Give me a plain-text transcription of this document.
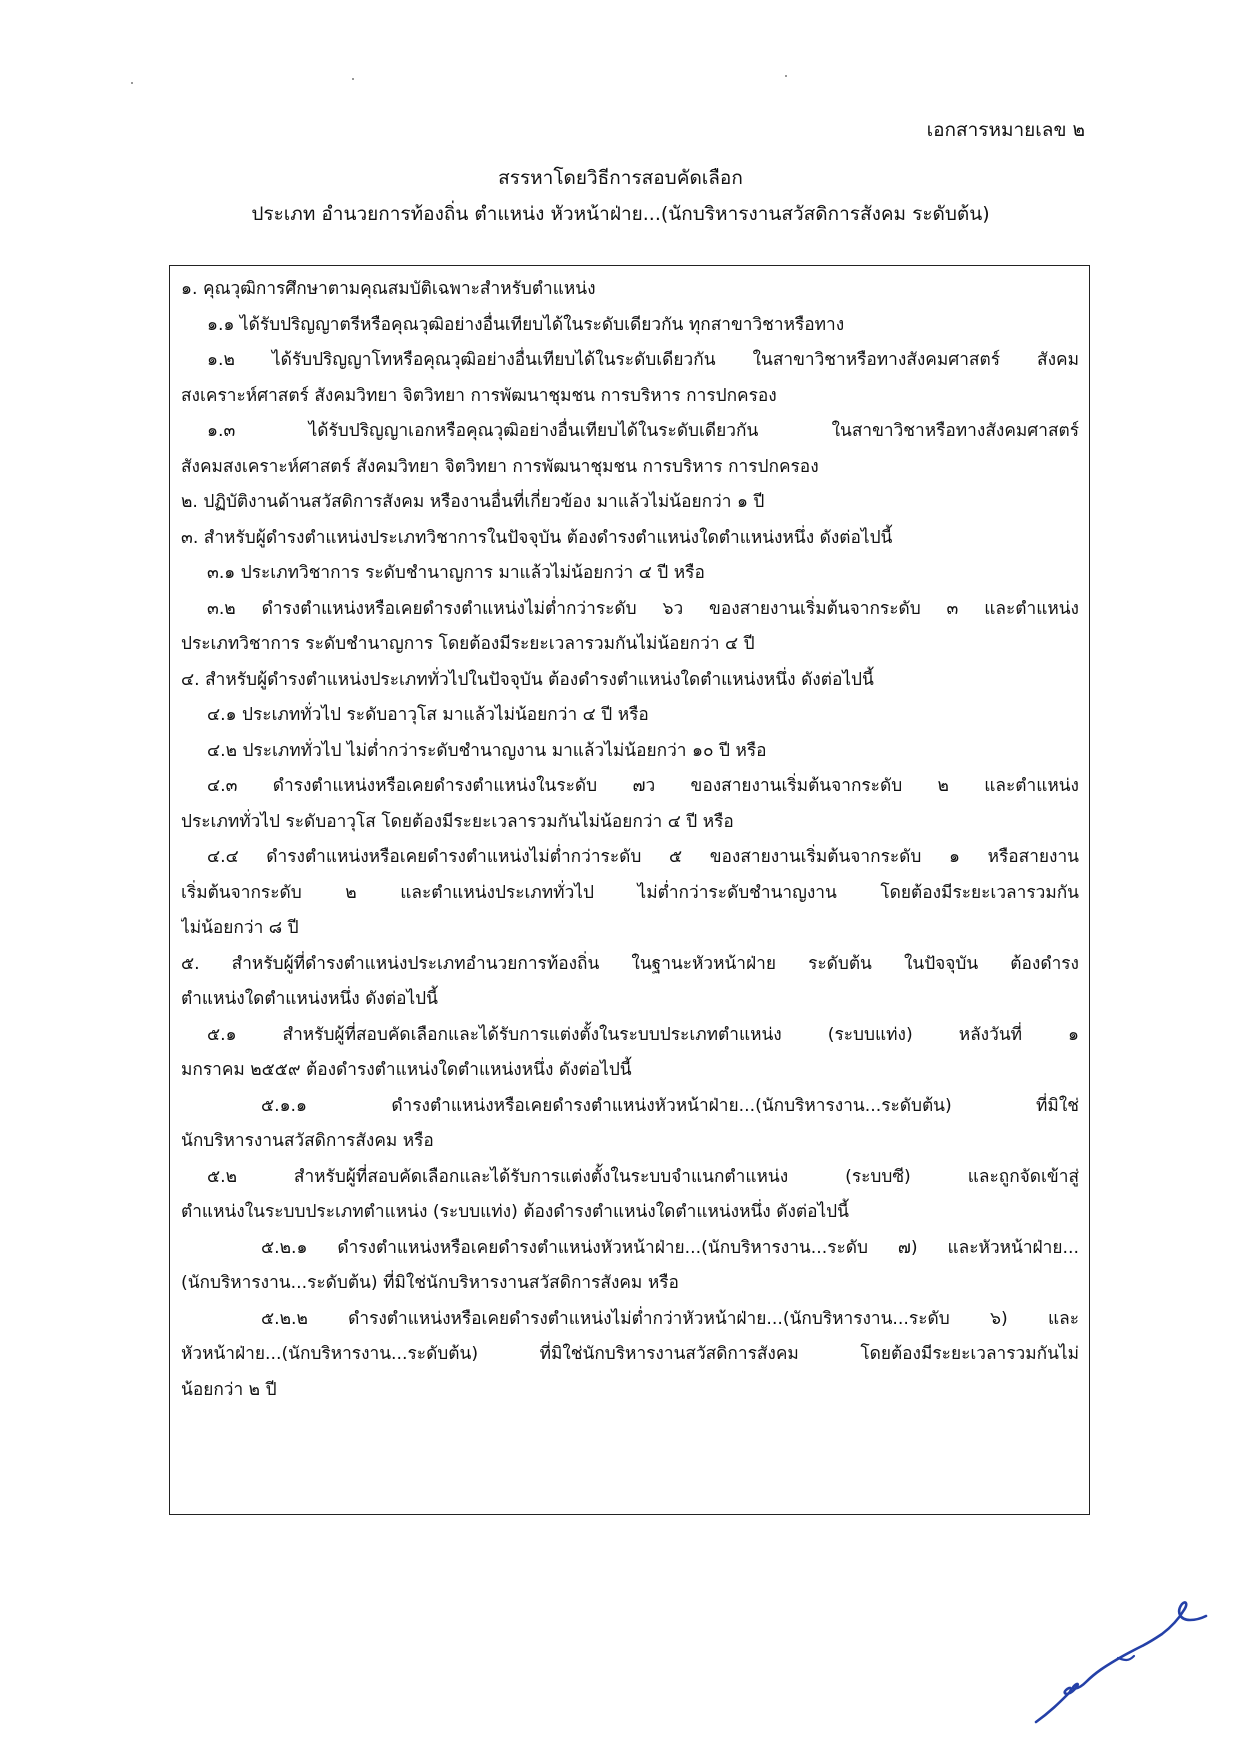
เอกสารหมายเลข ๒
สรรหาโดยวิธีการสอบคัดเลือก
ประเภท อำนวยการท้องถิ่น ตำแหน่ง หัวหน้าฝ่าย...(นักบริหารงานสวัสดิการสังคม ระดับต้น)
๑. คุณวุฒิการศึกษาตามคุณสมบัติเฉพาะสำหรับตำแหน่ง
๑.๑ ได้รับปริญญาตรีหรือคุณวุฒิอย่างอื่นเทียบได้ในระดับเดียวกัน ทุกสาขาวิชาหรือทาง
๑.๒ ได้รับปริญญาโทหรือคุณวุฒิอย่างอื่นเทียบได้ในระดับเดียวกัน ในสาขาวิชาหรือทางสังคมศาสตร์ สังคม
สงเคราะห์ศาสตร์ สังคมวิทยา จิตวิทยา การพัฒนาชุมชน การบริหาร การปกครอง
๑.๓ ได้รับปริญญาเอกหรือคุณวุฒิอย่างอื่นเทียบได้ในระดับเดียวกัน ในสาขาวิชาหรือทางสังคมศาสตร์
สังคมสงเคราะห์ศาสตร์ สังคมวิทยา จิตวิทยา การพัฒนาชุมชน การบริหาร การปกครอง
๒. ปฏิบัติงานด้านสวัสดิการสังคม หรืองานอื่นที่เกี่ยวข้อง มาแล้วไม่น้อยกว่า ๑ ปี
๓. สำหรับผู้ดำรงตำแหน่งประเภทวิชาการในปัจจุบัน ต้องดำรงตำแหน่งใดตำแหน่งหนึ่ง ดังต่อไปนี้
๓.๑ ประเภทวิชาการ ระดับชำนาญการ มาแล้วไม่น้อยกว่า ๔ ปี หรือ
๓.๒ ดำรงตำแหน่งหรือเคยดำรงตำแหน่งไม่ต่ำกว่าระดับ ๖ว ของสายงานเริ่มต้นจากระดับ ๓ และตำแหน่ง
ประเภทวิชาการ ระดับชำนาญการ โดยต้องมีระยะเวลารวมกันไม่น้อยกว่า ๔ ปี
๔. สำหรับผู้ดำรงตำแหน่งประเภททั่วไปในปัจจุบัน ต้องดำรงตำแหน่งใดตำแหน่งหนึ่ง ดังต่อไปนี้
๔.๑ ประเภททั่วไป ระดับอาวุโส มาแล้วไม่น้อยกว่า ๔ ปี หรือ
๔.๒ ประเภททั่วไป ไม่ต่ำกว่าระดับชำนาญงาน มาแล้วไม่น้อยกว่า ๑๐ ปี หรือ
๔.๓ ดำรงตำแหน่งหรือเคยดำรงตำแหน่งในระดับ ๗ว ของสายงานเริ่มต้นจากระดับ ๒ และตำแหน่ง
ประเภททั่วไป ระดับอาวุโส โดยต้องมีระยะเวลารวมกันไม่น้อยกว่า ๔ ปี หรือ
๔.๔ ดำรงตำแหน่งหรือเคยดำรงตำแหน่งไม่ต่ำกว่าระดับ ๕ ของสายงานเริ่มต้นจากระดับ ๑ หรือสายงาน
เริ่มต้นจากระดับ ๒ และตำแหน่งประเภททั่วไป ไม่ต่ำกว่าระดับชำนาญงาน โดยต้องมีระยะเวลารวมกัน
ไม่น้อยกว่า ๘ ปี
๕. สำหรับผู้ที่ดำรงตำแหน่งประเภทอำนวยการท้องถิ่น ในฐานะหัวหน้าฝ่าย ระดับต้น ในปัจจุบัน ต้องดำรง
ตำแหน่งใดตำแหน่งหนึ่ง ดังต่อไปนี้
๕.๑ สำหรับผู้ที่สอบคัดเลือกและได้รับการแต่งตั้งในระบบประเภทตำแหน่ง (ระบบแท่ง) หลังวันที่ ๑
มกราคม ๒๕๕๙ ต้องดำรงตำแหน่งใดตำแหน่งหนึ่ง ดังต่อไปนี้
๕.๑.๑ ดำรงตำแหน่งหรือเคยดำรงตำแหน่งหัวหน้าฝ่าย...(นักบริหารงาน...ระดับต้น) ที่มิใช่
นักบริหารงานสวัสดิการสังคม หรือ
๕.๒ สำหรับผู้ที่สอบคัดเลือกและได้รับการแต่งตั้งในระบบจำแนกตำแหน่ง (ระบบซี) และถูกจัดเข้าสู่
ตำแหน่งในระบบประเภทตำแหน่ง (ระบบแท่ง) ต้องดำรงตำแหน่งใดตำแหน่งหนึ่ง ดังต่อไปนี้
๕.๒.๑ ดำรงตำแหน่งหรือเคยดำรงตำแหน่งหัวหน้าฝ่าย...(นักบริหารงาน...ระดับ ๗) และหัวหน้าฝ่าย...
(นักบริหารงาน...ระดับต้น) ที่มิใช่นักบริหารงานสวัสดิการสังคม หรือ
๕.๒.๒ ดำรงตำแหน่งหรือเคยดำรงตำแหน่งไม่ต่ำกว่าหัวหน้าฝ่าย...(นักบริหารงาน...ระดับ ๖) และ
หัวหน้าฝ่าย...(นักบริหารงาน...ระดับต้น) ที่มิใช่นักบริหารงานสวัสดิการสังคม โดยต้องมีระยะเวลารวมกันไม่
น้อยกว่า ๒ ปี
